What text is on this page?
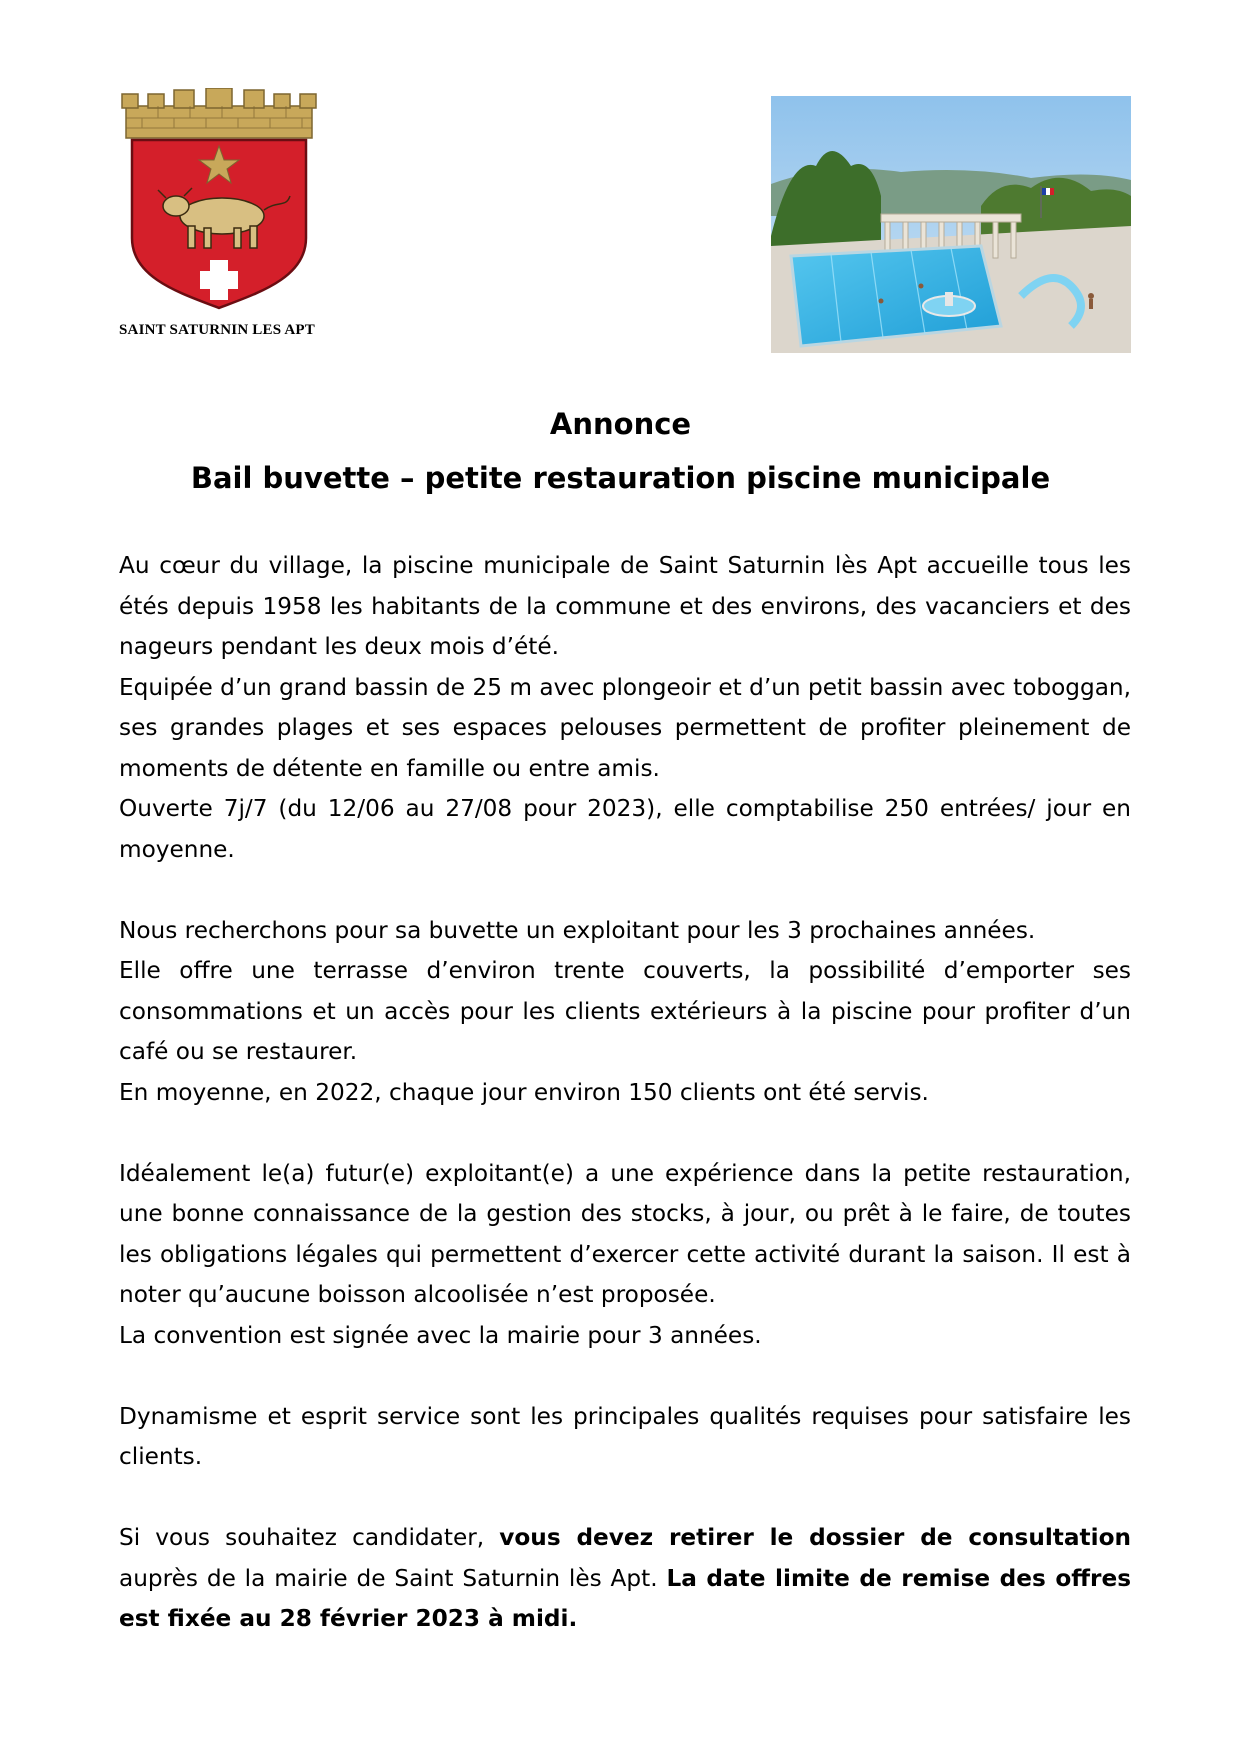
SAINT SATURNIN LES APT

Annonce
Bail buvette – petite restauration piscine municipale

Au cœur du village, la piscine municipale de Saint Saturnin lès Apt accueille tous les étés depuis 1958 les habitants de la commune et des environs, des vacanciers et des nageurs pendant les deux mois d’été.

Equipée d’un grand bassin de 25 m avec plongeoir et d’un petit bassin avec toboggan, ses grandes plages et ses espaces pelouses permettent de profiter pleinement de moments de détente en famille ou entre amis.

Ouverte 7j/7 (du 12/06 au 27/08 pour 2023), elle comptabilise 250 entrées/ jour en moyenne.

Nous recherchons pour sa buvette un exploitant pour les 3 prochaines années.

Elle offre une terrasse d’environ trente couverts, la possibilité d’emporter ses consommations et un accès pour les clients extérieurs à la piscine pour profiter d’un café ou se restaurer.

En moyenne, en 2022, chaque jour environ 150 clients ont été servis.

Idéalement le(a) futur(e) exploitant(e) a une expérience dans la petite restauration, une bonne connaissance de la gestion des stocks, à jour, ou prêt à le faire, de toutes les obligations légales qui permettent d’exercer cette activité durant la saison. Il est à noter qu’aucune boisson alcoolisée n’est proposée.

La convention est signée avec la mairie pour 3 années.

Dynamisme et esprit service sont les principales qualités requises pour satisfaire les clients.

Si vous souhaitez candidater, vous devez retirer le dossier de consultation auprès de la mairie de Saint Saturnin lès Apt. La date limite de remise des offres est fixée au 28 février 2023 à midi.
